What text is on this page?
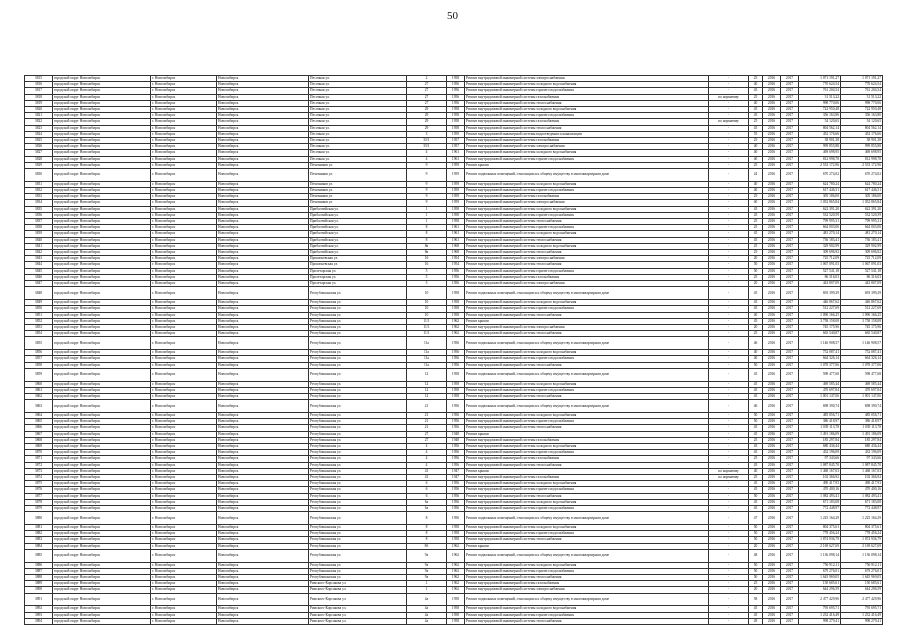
50
3815	городской округ Новосибирск	г. Новосибирск	Новосибирск	Песочная ул.	2	1958	Ремонт внутридомовой инженерной системы электроснабжения	-	25	2016	2017	1 071 191,27	1 071 191,27
3816	городской округ Новосибирск	г. Новосибирск	Новосибирск	Песочная ул.	27	1956	Ремонт внутридомовой инженерной системы холодного водоснабжения	-	40	2016	2017	770 624,54	770 624,54
3817	городской округ Новосибирск	г. Новосибирск	Новосибирск	Песочная ул.	27	1956	Ремонт внутридомовой инженерной системы горячего водоснабжения	-	45	2016	2017	761 204,54	761 204,54
3818	городской округ Новосибирск	г. Новосибирск	Новосибирск	Песочная ул.	27	1956	Ремонт внутридомовой инженерной системы газоснабжения	по нормативу	25	2016	2017	31 513,22	31 513,22
3819	городской округ Новосибирск	г. Новосибирск	Новосибирск	Песочная ул.	27	1956	Ремонт внутридомовой инженерной системы теплоснабжения	-	40	2016	2017	998 770,06	998 770,06
3820	городской округ Новосибирск	г. Новосибирск	Новосибирск	Песочная ул.	29	1958	Ремонт внутридомовой инженерной системы холодного водоснабжения	-	45	2016	2017	722 950,48	722 950,48
3821	городской округ Новосибирск	г. Новосибирск	Новосибирск	Песочная ул.	29	1958	Ремонт внутридомовой инженерной системы горячего водоснабжения	-	45	2016	2017	356 163,86	356 163,86
3822	городской округ Новосибирск	г. Новосибирск	Новосибирск	Песочная ул.	29	1958	Ремонт внутридомовой инженерной системы газоснабжения	по нормативу	25	2016	2017	54 120,65	54 120,65
3823	городской округ Новосибирск	г. Новосибирск	Новосибирск	Песочная ул.	29	1958	Ремонт внутридомовой инженерной системы теплоснабжения	-	45	2016	2017	804 562,14	804 562,14
3824	городской округ Новосибирск	г. Новосибирск	Новосибирск	Песочная ул.	3	1959	Ремонт внутридомовой инженерной системы водоотведения и канализации	-	55	2016	2017	452 176,66	452 176,66
3825	городской округ Новосибирск	г. Новосибирск	Новосибирск	Песочная ул.	35/1	1957	Ремонт внутридомовой инженерной системы газоснабжения	-	25	2016	2017	38 901,38	38 901,38
3826	городской округ Новосибирск	г. Новосибирск	Новосибирск	Песочная ул.	35/1	1957	Ремонт внутридомовой инженерной системы электроснабжения	-	40	2016	2017	999 855,88	999 855,88
3827	городской округ Новосибирск	г. Новосибирск	Новосибирск	Песочная ул.	4	1961	Ремонт внутридомовой инженерной системы холодного водоснабжения	-	40	2016	2017	469 698,95	469 698,95
3828	городской округ Новосибирск	г. Новосибирск	Новосибирск	Песочная ул.	4	1961	Ремонт внутридомовой инженерной системы горячего водоснабжения	-	40	2016	2017	812 998,78	812 998,78
3829	городской округ Новосибирск	г. Новосибирск	Новосибирск	Печатников ул.	9	1959	Ремонт крыши	-	25	2016	2017	2 533 172,96	2 533 172,96
3830	городской округ Новосибирск	г. Новосибирск	Новосибирск	Печатников ул.	9	1959	Ремонт подвальных помещений, относящихся к общему имуществу в многоквартирном доме	-	24	2016	2017	670 274,02	670 274,02
3831	городской округ Новосибирск	г. Новосибирск	Новосибирск	Печатников ул.	9	1959	Ремонт внутридомовой инженерной системы холодного водоснабжения	-	40	2016	2017	624 780,24	624 780,24
3832	городской округ Новосибирск	г. Новосибирск	Новосибирск	Печатников ул.	9	1959	Ремонт внутридомовой инженерной системы горячего водоснабжения	-	40	2016	2017	617 446,51	617 446,51
3833	городской округ Новосибирск	г. Новосибирск	Новосибирск	Печатников ул.	9	1959	Ремонт внутридомовой инженерной системы газоснабжения	-	25	2016	2017	305 186,00	305 186,00
3834	городской округ Новосибирск	г. Новосибирск	Новосибирск	Печатников ул.	9	1959	Ремонт внутридомовой инженерной системы электроснабжения	-	40	2016	2017	1 052 865,84	1 052 865,84
3835	городской округ Новосибирск	г. Новосибирск	Новосибирск	Прибалтийская ул.	1	1958	Ремонт внутридомовой инженерной системы холодного водоснабжения	-	45	2016	2017	622 391,20	622 391,20
3836	городской округ Новосибирск	г. Новосибирск	Новосибирск	Прибалтийская ул.	1	1958	Ремонт внутридомовой инженерной системы горячего водоснабжения	-	45	2016	2017	532 520,59	532 520,59
3837	городской округ Новосибирск	г. Новосибирск	Новосибирск	Прибалтийская ул.	1	1958	Ремонт внутридомовой инженерной системы теплоснабжения	-	25	2016	2017	799 995,31	799 995,31
3838	городской округ Новосибирск	г. Новосибирск	Новосибирск	Прибалтийская ул.	8	1961	Ремонт внутридомовой инженерной системы горячего водоснабжения	-	25	2016	2017	664 003,06	664 003,06
3839	городской округ Новосибирск	г. Новосибирск	Новосибирск	Прибалтийская ул.	8	1961	Ремонт внутридомовой инженерной системы холодного водоснабжения	-	45	2016	2017	481 270,14	481 270,14
3840	городской округ Новосибирск	г. Новосибирск	Новосибирск	Прибалтийская ул.	8	1961	Ремонт внутридомовой инженерной системы теплоснабжения	-	45	2016	2017	736 183,41	736 183,41
3841	городской округ Новосибирск	г. Новосибирск	Новосибирск	Прибалтийская ул.	8в	1968	Ремонт внутридомовой инженерной системы холодного водоснабжения	-	25	2016	2017	329 902,99	329 902,99
3842	городской округ Новосибирск	г. Новосибирск	Новосибирск	Прибалтийская ул.	8в	1968	Ремонт внутридомовой инженерной системы теплоснабжения	-	25	2016	2017	309 696,92	309 696,92
3843	городской округ Новосибирск	г. Новосибирск	Новосибирск	Прокопьевская ул.	16	1954	Ремонт внутридомовой инженерной системы электроснабжения	-	20	2016	2017	725 712,09	725 712,09
3844	городской округ Новосибирск	г. Новосибирск	Новосибирск	Прокопьевская ул.	16	1954	Ремонт внутридомовой инженерной системы теплоснабжения	-	50	2016	2017	1 067 091,03	1 067 091,03
3845	городской округ Новосибирск	г. Новосибирск	Новосибирск	Пролетарская ул.	5	1956	Ремонт внутридомовой инженерной системы горячего водоснабжения	-	50	2016	2017	527 541,18	527 541,18
3846	городской округ Новосибирск	г. Новосибирск	Новосибирск	Пролетарская ул.	5	1956	Ремонт внутридомовой инженерной системы газоснабжения	-	25	2016	2017	86 316,03	86 316,03
3847	городской округ Новосибирск	г. Новосибирск	Новосибирск	Пролетарская ул.	5	1956	Ремонт внутридомовой инженерной системы электроснабжения	-	20	2016	2017	443 807,09	443 807,09
3848	городской округ Новосибирск	г. Новосибирск	Новосибирск	Республиканская ул.	10	1958	Ремонт подвальных помещений, относящихся к общему имуществу в многоквартирном доме	-	45	2016	2017	693 399,29	693 399,29
3849	городской округ Новосибирск	г. Новосибирск	Новосибирск	Республиканская ул.	10	1958	Ремонт внутридомовой инженерной системы холодного водоснабжения	-	45	2016	2017	446 867,62	446 867,62
3850	городской округ Новосибирск	г. Новосибирск	Новосибирск	Республиканская ул.	10	1958	Ремонт внутридомовой инженерной системы горячего водоснабжения	-	45	2016	2017	512 227,69	512 227,69
3851	городской округ Новосибирск	г. Новосибирск	Новосибирск	Республиканская ул.	10	1958	Ремонт внутридомовой инженерной системы теплоснабжения	-	40	2016	2017	1 090 166,25	1 090 166,25
3852	городской округ Новосибирск	г. Новосибирск	Новосибирск	Республиканская ул.	11/1	1962	Ремонт крыши	-	45	2016	2017	3 758 158,08	3 758 158,08
3853	городской округ Новосибирск	г. Новосибирск	Новосибирск	Республиканская ул.	11/1	1962	Ремонт внутридомовой инженерной системы электроснабжения	-	20	2016	2017	745 175,96	745 175,96
3854	городской округ Новосибирск	г. Новосибирск	Новосибирск	Республиканская ул.	11/1	1962	Ремонт внутридомовой инженерной системы теплоснабжения	-	25	2016	2017	665 540,87	665 540,87
3855	городской округ Новосибирск	г. Новосибирск	Новосибирск	Республиканская ул.	11а	1956	Ремонт подвальных помещений, относящихся к общему имуществу в многоквартирном доме	-	46	2016	2017	1 146 908,57	1 146 908,57
3856	городской округ Новосибирск	г. Новосибирск	Новосибирск	Республиканская ул.	11а	1956	Ремонт внутридомовой инженерной системы холодного водоснабжения	-	40	2016	2017	752 087,41	752 087,41
3857	городской округ Новосибирск	г. Новосибирск	Новосибирск	Республиканская ул.	11а	1956	Ремонт внутридомовой инженерной системы горячего водоснабжения	-	40	2016	2017	664 326,14	664 326,14
3858	городской округ Новосибирск	г. Новосибирск	Новосибирск	Республиканская ул.	11а	1956	Ремонт внутридомовой инженерной системы теплоснабжения	-	50	2016	2017	1 078 377,06	1 078 377,06
3859	городской округ Новосибирск	г. Новосибирск	Новосибирск	Республиканская ул.	12	1958	Ремонт подвальных помещений, относящихся к общему имуществу в многоквартирном доме	-	45	2016	2017	598 477,68	598 477,68
3860	городской округ Новосибирск	г. Новосибирск	Новосибирск	Республиканская ул.	12	1958	Ремонт внутридомовой инженерной системы холодного водоснабжения	-	45	2016	2017	469 585,44	469 585,44
3861	городской округ Новосибирск	г. Новосибирск	Новосибирск	Республиканская ул.	12	1958	Ремонт внутридомовой инженерной системы горячего водоснабжения	-	45	2016	2017	470 697,84	470 697,84
3862	городской округ Новосибирск	г. Новосибирск	Новосибирск	Республиканская ул.	12	1958	Ремонт внутридомовой инженерной системы теплоснабжения	-	45	2016	2017	1 001 147,06	1 001 147,06
3863	городской округ Новосибирск	г. Новосибирск	Новосибирск	Республиканская ул.	21	1956	Ремонт подвальных помещений, относящихся к общему имуществу в многоквартирном доме	-	46	2016	2017	698 390,74	698 390,74
3864	городской округ Новосибирск	г. Новосибирск	Новосибирск	Республиканская ул.	21	1956	Ремонт внутридомовой инженерной системы холодного водоснабжения	-	50	2016	2017	485 056,71	485 056,71
3865	городской округ Новосибирск	г. Новосибирск	Новосибирск	Республиканская ул.	21	1956	Ремонт внутридомовой инженерной системы горячего водоснабжения	-	50	2016	2017	386 418,97	386 418,97
3866	городской округ Новосибирск	г. Новосибирск	Новосибирск	Республиканская ул.	21	1956	Ремонт внутридомовой инженерной системы теплоснабжения	-	45	2016	2017	1 039 113,78	1 039 113,78
3867	городской округ Новосибирск	г. Новосибирск	Новосибирск	Республиканская ул.	27	1948	Ремонт крыши	-	45	2016	2017	1 491 186,09	1 491 186,09
3868	городской округ Новосибирск	г. Новосибирск	Новосибирск	Республиканская ул.	27	1948	Ремонт внутридомовой инженерной системы газоснабжения	-	25	2016	2017	185 297,84	185 297,84
3869	городской округ Новосибирск	г. Новосибирск	Новосибирск	Республиканская ул.	4	1956	Ремонт внутридомовой инженерной системы холодного водоснабжения	-	45	2016	2017	680 436,44	680 436,44
3870	городской округ Новосибирск	г. Новосибирск	Новосибирск	Республиканская ул.	4	1956	Ремонт внутридомовой инженерной системы горячего водоснабжения	-	45	2016	2017	432 196,09	432 196,09
3871	городской округ Новосибирск	г. Новосибирск	Новосибирск	Республиканская ул.	4	1956	Ремонт внутридомовой инженерной системы газоснабжения	-	25	2016	2017	97 343,66	97 343,66
3872	городской округ Новосибирск	г. Новосибирск	Новосибирск	Республиканская ул.	4	1956	Ремонт внутридомовой инженерной системы теплоснабжения	-	45	2016	2017	1 087 845,70	1 087 845,70
3873	городской округ Новосибирск	г. Новосибирск	Новосибирск	Республиканская ул.	41	1947	Ремонт крыши	по нормативу	40	2016	2017	1 468 167,03	1 468 167,03
3874	городской округ Новосибирск	г. Новосибирск	Новосибирск	Республиканская ул.	41	1947	Ремонт внутридомовой инженерной системы газоснабжения	по нормативу	25	2016	2017	102 366,92	102 366,92
3875	городской округ Новосибирск	г. Новосибирск	Новосибирск	Республиканская ул.	6	1956	Ремонт внутридомовой инженерной системы холодного водоснабжения	-	45	2016	2017	490 417,93	490 417,93
3876	городской округ Новосибирск	г. Новосибирск	Новосибирск	Республиканская ул.	6	1956	Ремонт внутридомовой инженерной системы горячего водоснабжения	-	45	2016	2017	470 400,16	470 400,16
3877	городской округ Новосибирск	г. Новосибирск	Новосибирск	Республиканская ул.	6	1956	Ремонт внутридомовой инженерной системы теплоснабжения	-	50	2016	2017	1 082 493,41	1 082 493,41
3878	городской округ Новосибирск	г. Новосибирск	Новосибирск	Республиканская ул.	6а	1956	Ремонт внутридомовой инженерной системы холодного водоснабжения	-	45	2016	2017	671 183,08	671 183,08
3879	городской округ Новосибирск	г. Новосибирск	Новосибирск	Республиканская ул.	6а	1956	Ремонт внутридомовой инженерной системы горячего водоснабжения	-	45	2016	2017	772 448,97	772 448,97
3880	городской округ Новосибирск	г. Новосибирск	Новосибирск	Республиканская ул.	8	1956	Ремонт подвальных помещений, относящихся к общему имуществу в многоквартирном доме	-	47	2016	2017	1 225 164,29	1 225 164,29
3881	городской округ Новосибирск	г. Новосибирск	Новосибирск	Республиканская ул.	8	1958	Ремонт внутридомовой инженерной системы холодного водоснабжения	-	50	2016	2017	804 375,61	804 375,61
3882	городской округ Новосибирск	г. Новосибирск	Новосибирск	Республиканская ул.	8	1958	Ремонт внутридомовой инженерной системы горячего водоснабжения	-	50	2016	2017	778 456,24	778 456,24
3883	городской округ Новосибирск	г. Новосибирск	Новосибирск	Республиканская ул.	8	1958	Ремонт внутридомовой инженерной системы теплоснабжения	-	50	2016	2017	1 874 936,79	1 874 936,79
3884	городской округ Новосибирск	г. Новосибирск	Новосибирск	Республиканская ул.	8б	1962	Ремонт крыши	-	20	2016	2017	2 169 627,69	2 169 627,69
3885	городской округ Новосибирск	г. Новосибирск	Новосибирск	Республиканская ул.	9а	1962	Ремонт подвальных помещений, относящихся к общему имуществу в многоквартирном доме	-	48	2016	2017	1 136 098,14	1 136 098,14
3886	городской округ Новосибирск	г. Новосибирск	Новосибирск	Республиканская ул.	9а	1962	Ремонт внутридомовой инженерной системы холодного водоснабжения	-	50	2016	2017	756 912,11	756 912,11
3887	городской округ Новосибирск	г. Новосибирск	Новосибирск	Республиканская ул.	9а	1962	Ремонт внутридомовой инженерной системы горячего водоснабжения	-	50	2016	2017	679 276,01	679 276,01
3888	городской округ Новосибирск	г. Новосибирск	Новосибирск	Республиканская ул.	9а	1962	Ремонт внутридомовой инженерной системы теплоснабжения	-	50	2016	2017	1 645 969,05	1 645 969,05
3889	городской округ Новосибирск	г. Новосибирск	Новосибирск	Римского-Корсакова ул.	1	1962	Ремонт внутридомовой инженерной системы газоснабжения	-	25	2016	2017	150 685,61	150 685,61
3890	городской округ Новосибирск	г. Новосибирск	Новосибирск	Римского-Корсакова ул.	1	1962	Ремонт внутридомовой инженерной системы электроснабжения	-	20	2016	2017	644 296,59	644 296,59
3891	городской округ Новосибирск	г. Новосибирск	Новосибирск	Римского-Корсакова ул.	4а	1958	Ремонт подвальных помещений, относящихся к общему имуществу в многоквартирном доме	-	58	2016	2017	2 477 429,96	2 477 429,96
3892	городской округ Новосибирск	г. Новосибирск	Новосибирск	Римского-Корсакова ул.	4а	1958	Ремонт внутридомовой инженерной системы холодного водоснабжения	-	45	2016	2017	795 695,71	795 695,71
3893	городской округ Новосибирск	г. Новосибирск	Новосибирск	Римского-Корсакова ул.	4а	1958	Ремонт внутридомовой инженерной системы горячего водоснабжения	-	45	2016	2017	1 232 416,49	1 232 416,49
3894	городской округ Новосибирск	г. Новосибирск	Новосибирск	Римского-Корсакова ул.	4а	1958	Ремонт внутридомовой инженерной системы теплоснабжения	-	49	2016	2017	998 279,41	998 279,41
